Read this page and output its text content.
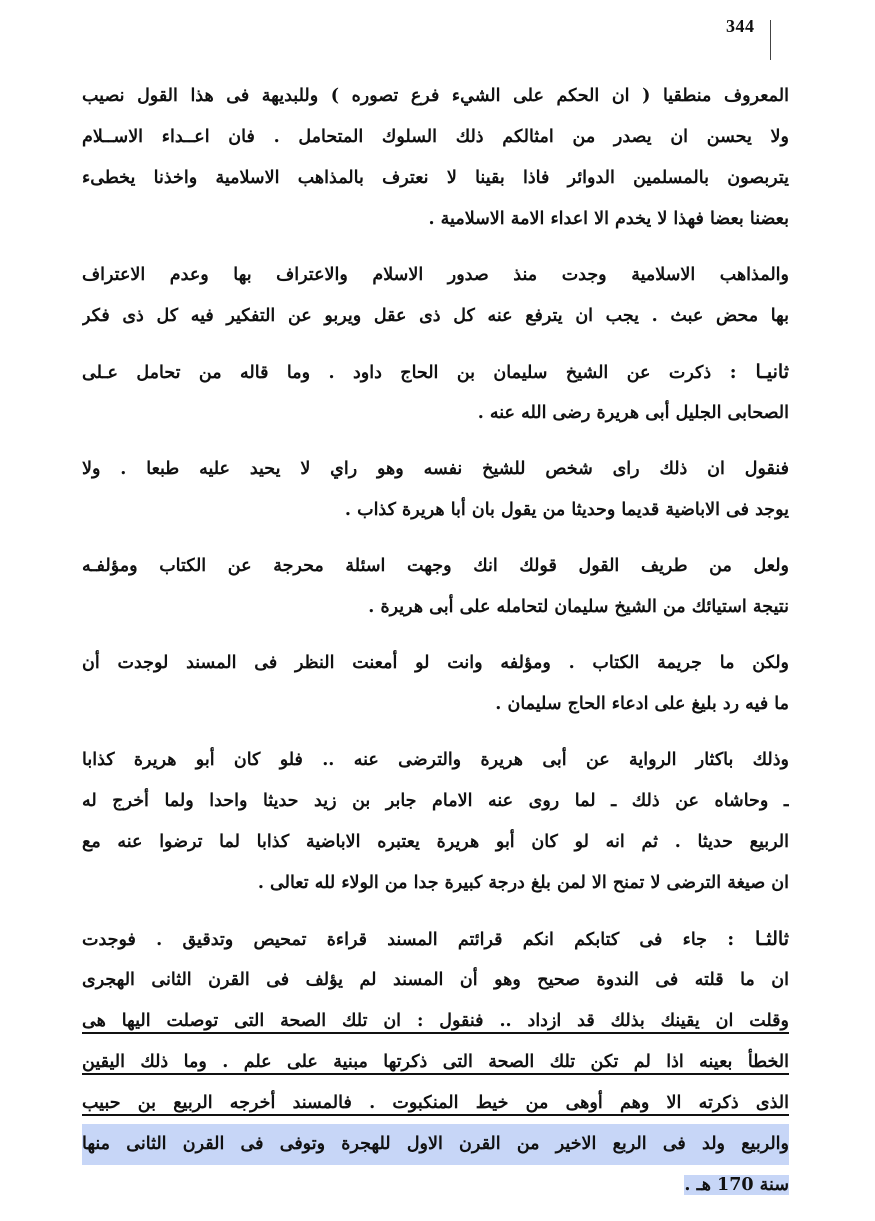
344
المعروف منطقيا ( ان الحكم على الشيء فرع تصوره ) وللبديهة فى هذا القول نصيب
ولا يحسن ان يصدر من امثالكم ذلك السلوك المتحامل . فان اعــداء الاســلام
يتربصون بالمسلمين الدوائر فاذا بقينا لا نعترف بالمذاهب الاسلامية واخذنا يخطىء
بعضنا بعضا فهذا لا يخدم الا اعداء الامة الاسلامية .
والمذاهب الاسلامية وجدت منذ صدور الاسلام والاعتراف بها وعدم الاعتراف
بها محض عبث . يجب ان يترفع عنه كل ذى عقل ويربو عن التفكير فيه كل ذى فكر
ثانيـا : ذكرت عن الشيخ سليمان بن الحاج داود . وما قاله من تحامل عـلى
الصحابى الجليل أبى هريرة رضى الله عنه .
فنقول ان ذلك راى شخص للشيخ نفسه وهو راي لا يحيد عليه طبعا . ولا
يوجد فى الاباضية قديما وحديثا من يقول بان أبا هريرة كذاب .
ولعل من طريف القول قولك انك وجهت اسئلة محرجة عن الكتاب ومؤلفـه
نتيجة استيائك من الشيخ سليمان لتحامله على أبى هريرة .
ولكن ما جريمة الكتاب . ومؤلفه وانت لو أمعنت النظر فى المسند لوجدت أن
ما فيه رد بليغ على ادعاء الحاج سليمان .
وذلك باكثار الرواية عن أبى هريرة والترضى عنه .. فلو كان أبو هريرة كذابا
ـ وحاشاه عن ذلك ـ لما روى عنه الامام جابر بن زيد حديثا واحدا ولما أخرج له
الربيع حديثا . ثم انه لو كان أبو هريرة يعتبره الاباضية كذابا لما ترضوا عنه مع
ان صيغة الترضى لا تمنح الا لمن بلغ درجة كبيرة جدا من الولاء لله تعالى .
ثالثـا : جاء فى كتابكم انكم قرائتم المسند قراءة تمحيص وتدقيق . فوجدت
ان ما قلته فى الندوة صحيح وهو أن المسند لم يؤلف فى القرن الثانى الهجرى
وقلت ان يقينك بذلك قد ازداد .. فنقول : ان تلك الصحة التى توصلت اليها هى
الخطأ بعينه اذا لم تكن تلك الصحة التى ذكرتها مبنية على علم . وما ذلك اليقين
الذى ذكرته الا وهم أوهى من خيط المنكبوت . فالمسند أخرجه الربيع بن حبيب
والربيع ولد فى الربع الاخير من القرن الاول للهجرة وتوفى فى القرن الثانى منها
سنة 170 هـ .
